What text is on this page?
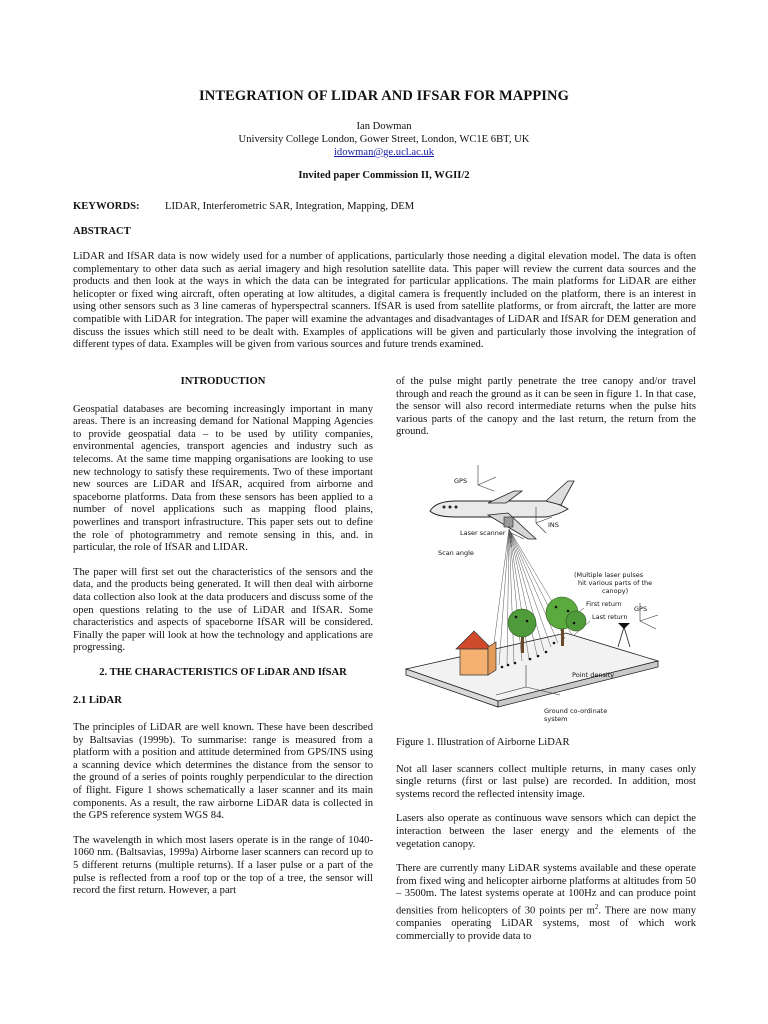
INTEGRATION OF LIDAR AND IFSAR FOR MAPPING
Ian Dowman
University College London, Gower Street, London, WC1E 6BT, UK
idowman@ge.ucl.ac.uk
Invited paper Commission II, WGII/2
KEYWORDS: LIDAR, Interferometric SAR, Integration, Mapping, DEM
ABSTRACT

LiDAR and IfSAR data is now widely used for a number of applications, particularly those needing a digital elevation model. The data is often complementary to other data such as aerial imagery and high resolution satellite data. This paper will review the current data sources and the products and then look at the ways in which the data can be integrated for particular applications. The main platforms for LiDAR are either helicopter or fixed wing aircraft, often operating at low altitudes, a digital camera is frequently included on the platform, there is an interest in using other sensors such as 3 line cameras of hyperspectral scanners. IfSAR is used from satellite platforms, or from aircraft, the latter are more compatible with LiDAR for integration. The paper will examine the advantages and disadvantages of LiDAR and IfSAR for DEM generation and discuss the issues which still need to be dealt with. Examples of applications will be given and particularly those involving the integration of different types of data. Examples will be given from various sources and future trends examined.

INTRODUCTION

Geospatial databases are becoming increasingly important in many areas. There is an increasing demand for National Mapping Agencies to provide geospatial data – to be used by utility companies, environmental agencies, transport agencies and industry such as telecoms. At the same time mapping organisations are looking to use new technology to satisfy these requirements. Two of these important new sources are LiDAR and IfSAR, acquired from airborne and spaceborne platforms. Data from these sensors has been applied to a number of novel applications such as mapping flood plains, powerlines and transport infrastructure. This paper sets out to define the role of photogrammetry and remote sensing in this, and. in particular, the role of IfSAR and LIDAR.

The paper will first set out the characteristics of the sensors and the data, and the products being generated. It will then deal with airborne data collection also look at the data producers and discuss some of the open questions relating to the use of LiDAR and IfSAR. Some characteristics and aspects of spaceborne IfSAR will be considered. Finally the paper will look at how the technology and applications are progressing.

2. THE CHARACTERISTICS OF LiDAR AND IfSAR
2.1 LiDAR

The principles of LiDAR are well known. These have been described by Baltsavias (1999b). To summarise: range is measured from a platform with a position and attitude determined from GPS/INS using a scanning device which determines the distance from the sensor to the ground of a series of points roughly perpendicular to the direction of flight. Figure 1 shows schematically a laser scanner and its main components. As a result, the raw airborne LiDAR data is collected in the GPS reference system WGS 84.

The wavelength in which most lasers operate is in the range of 1040-1060 nm. (Baltsavias, 1999a) Airborne laser scanners can record up to 5 different returns (multiple returns). If a laser pulse or a part of the pulse is reflected from a roof top or the top of a tree, the sensor will record the first return. However, a part

of the pulse might partly penetrate the tree canopy and/or travel through and reach the ground as it can be seen in figure 1. In that case, the sensor will also record intermediate returns when the pulse hits various parts of the canopy and the last return, the return from the ground.

GPS
INS
Laser scanner
Scan angle
(Multiple laser pulses
hit various parts of the
canopy)
First return
Last return
GPS
Point density
Ground co-ordinate
system

Figure 1. Illustration of Airborne LiDAR

Not all laser scanners collect multiple returns, in many cases only single returns (first or last pulse) are recorded. In addition, most systems record the reflected intensity image.

Lasers also operate as continuous wave sensors which can depict the interaction between the laser energy and the elements of the vegetation canopy.

There are currently many LiDAR systems available and these operate from fixed wing and helicopter airborne platforms at altitudes from 50 – 3500m. The latest systems operate at 100Hz and can produce point densities from helicopters of 30 points per $m^2$. There are now many companies operating LiDAR systems, most of which work commercially to provide data to
